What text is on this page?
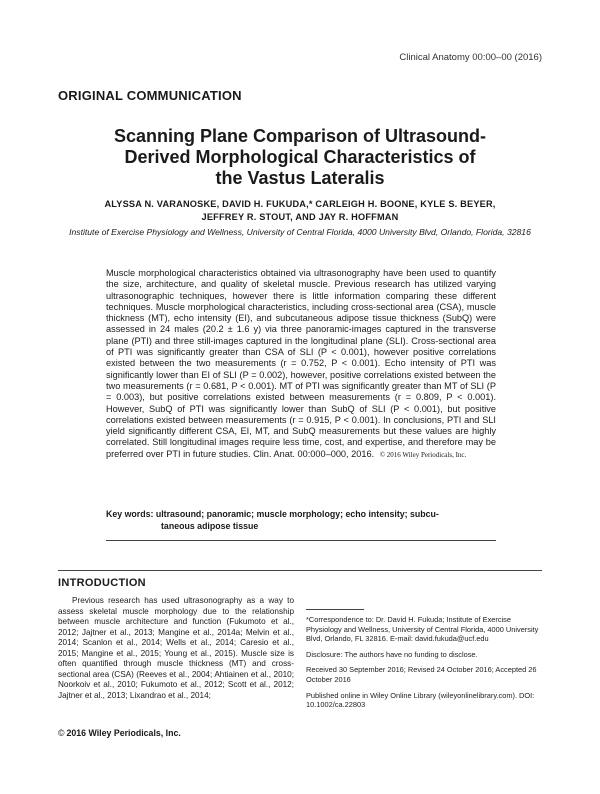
Clinical Anatomy 00:00–00 (2016)
ORIGINAL COMMUNICATION
Scanning Plane Comparison of Ultrasound-
Derived Morphological Characteristics of
the Vastus Lateralis
ALYSSA N. VARANOSKE, DAVID H. FUKUDA,* CARLEIGH H. BOONE, KYLE S. BEYER,
JEFFREY R. STOUT, AND JAY R. HOFFMAN
Institute of Exercise Physiology and Wellness, University of Central Florida, 4000 University Blvd, Orlando, Florida, 32816
Muscle morphological characteristics obtained via ultrasonography have been used to quantify the size, architecture, and quality of skeletal muscle. Previous research has utilized varying ultrasonographic techniques, however there is little information comparing these different techniques. Muscle morphological characteristics, including cross-sectional area (CSA), muscle thickness (MT), echo intensity (EI), and subcutaneous adipose tissue thickness (SubQ) were assessed in 24 males (20.2 ± 1.6 y) via three panoramic-images captured in the transverse plane (PTI) and three still-images captured in the longitudinal plane (SLI). Cross-sectional area of PTI was significantly greater than CSA of SLI (P < 0.001), however positive correlations existed between the two measurements (r = 0.752, P < 0.001). Echo intensity of PTI was significantly lower than EI of SLI (P = 0.002), however, positive correlations existed between the two measurements (r = 0.681, P < 0.001). MT of PTI was significantly greater than MT of SLI (P = 0.003), but positive correlations existed between measurements (r = 0.809, P < 0.001). However, SubQ of PTI was significantly lower than SubQ of SLI (P < 0.001), but positive correlations existed between measurements (r = 0.915, P < 0.001). In conclusions, PTI and SLI yield significantly different CSA, EI, MT, and SubQ measurements but these values are highly correlated. Still longitudinal images require less time, cost, and expertise, and therefore may be preferred over PTI in future studies. Clin. Anat. 00:000–000, 2016. © 2016 Wiley Periodicals, Inc.
Key words: ultrasound; panoramic; muscle morphology; echo intensity; subcu-
taneous adipose tissue
INTRODUCTION

Previous research has used ultrasonography as a way to assess skeletal muscle morphology due to the relationship between muscle architecture and function (Fukumoto et al., 2012; Jajtner et al., 2013; Mangine et al., 2014a; Melvin et al., 2014; Scanlon et al., 2014; Wells et al., 2014; Caresio et al., 2015; Mangine et al., 2015; Young et al., 2015). Muscle size is often quantified through muscle thickness (MT) and cross-sectional area (CSA) (Reeves et al., 2004; Ahtiainen et al., 2010; Noorkoiv et al., 2010; Fukumoto et al., 2012; Scott et al., 2012; Jajtner et al., 2013; Lixandrao et al., 2014;

*Correspondence to: Dr. David H. Fukuda; Institute of Exercise Physiology and Wellness, University of Central Florida, 4000 University Blvd, Orlando, FL 32816. E-mail: david.fukuda@ucf.edu

Disclosure: The authors have no funding to disclose.

Received 30 September 2016; Revised 24 October 2016; Accepted 26 October 2016

Published online in Wiley Online Library (wileyonlinelibrary.com). DOI: 10.1002/ca.22803

© 2016 Wiley Periodicals, Inc.
